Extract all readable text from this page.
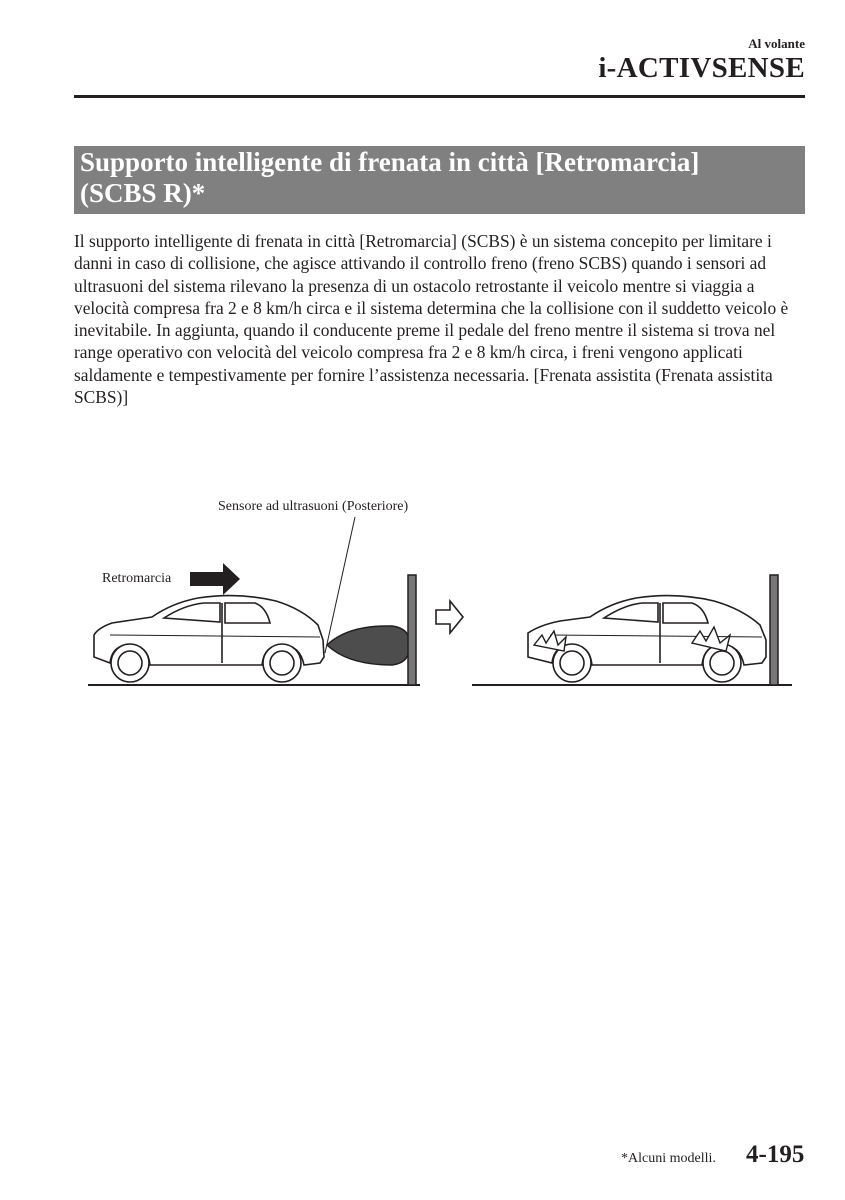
Al volante
i-ACTIVSENSE

Supporto intelligente di frenata in città [Retromarcia]

(SCBS R)*

Il supporto intelligente di frenata in città [Retromarcia] (SCBS) è un sistema concepito per limitare i danni in caso di collisione, che agisce attivando il controllo freno (freno SCBS) quando i sensori ad ultrasuoni del sistema rilevano la presenza di un ostacolo retrostante il veicolo mentre si viaggia a velocità compresa fra 2 e 8 km/h circa e il sistema determina che la collisione con il suddetto veicolo è inevitabile. In aggiunta, quando il conducente preme il pedale del freno mentre il sistema si trova nel range operativo con velocità del veicolo compresa fra 2 e 8 km/h circa, i freni vengono applicati saldamente e tempestivamente per fornire l’assistenza necessaria. [Frenata assistita (Frenata assistita SCBS)]

Sensore ad ultrasuoni (Posteriore)
Retromarcia
*Alcuni modelli. 4-195
